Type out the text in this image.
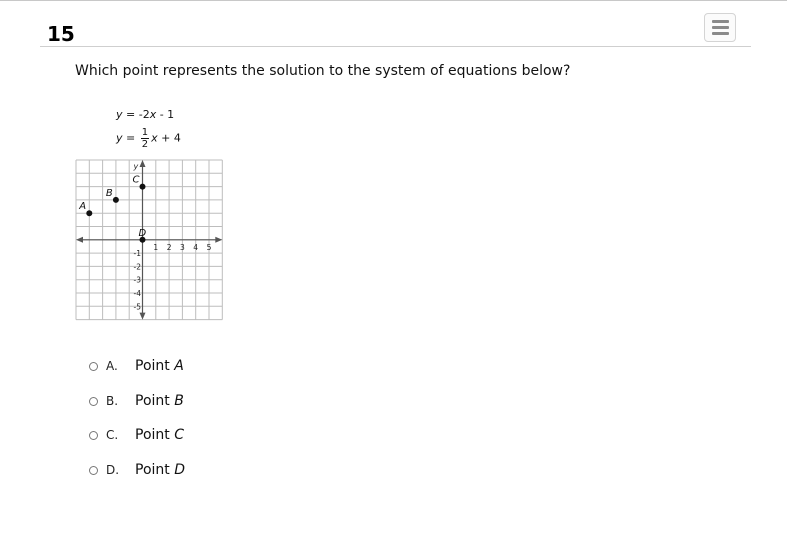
15
Which point represents the solution to the system of equations below?
y = -2x - 1
$y = \frac{1}{2}$ x + 4
y
1 2 3 4 5
-1
-2
-3
-4
-5
A
B
C
D
A. Point A
B. Point B
C. Point C
D. Point D
